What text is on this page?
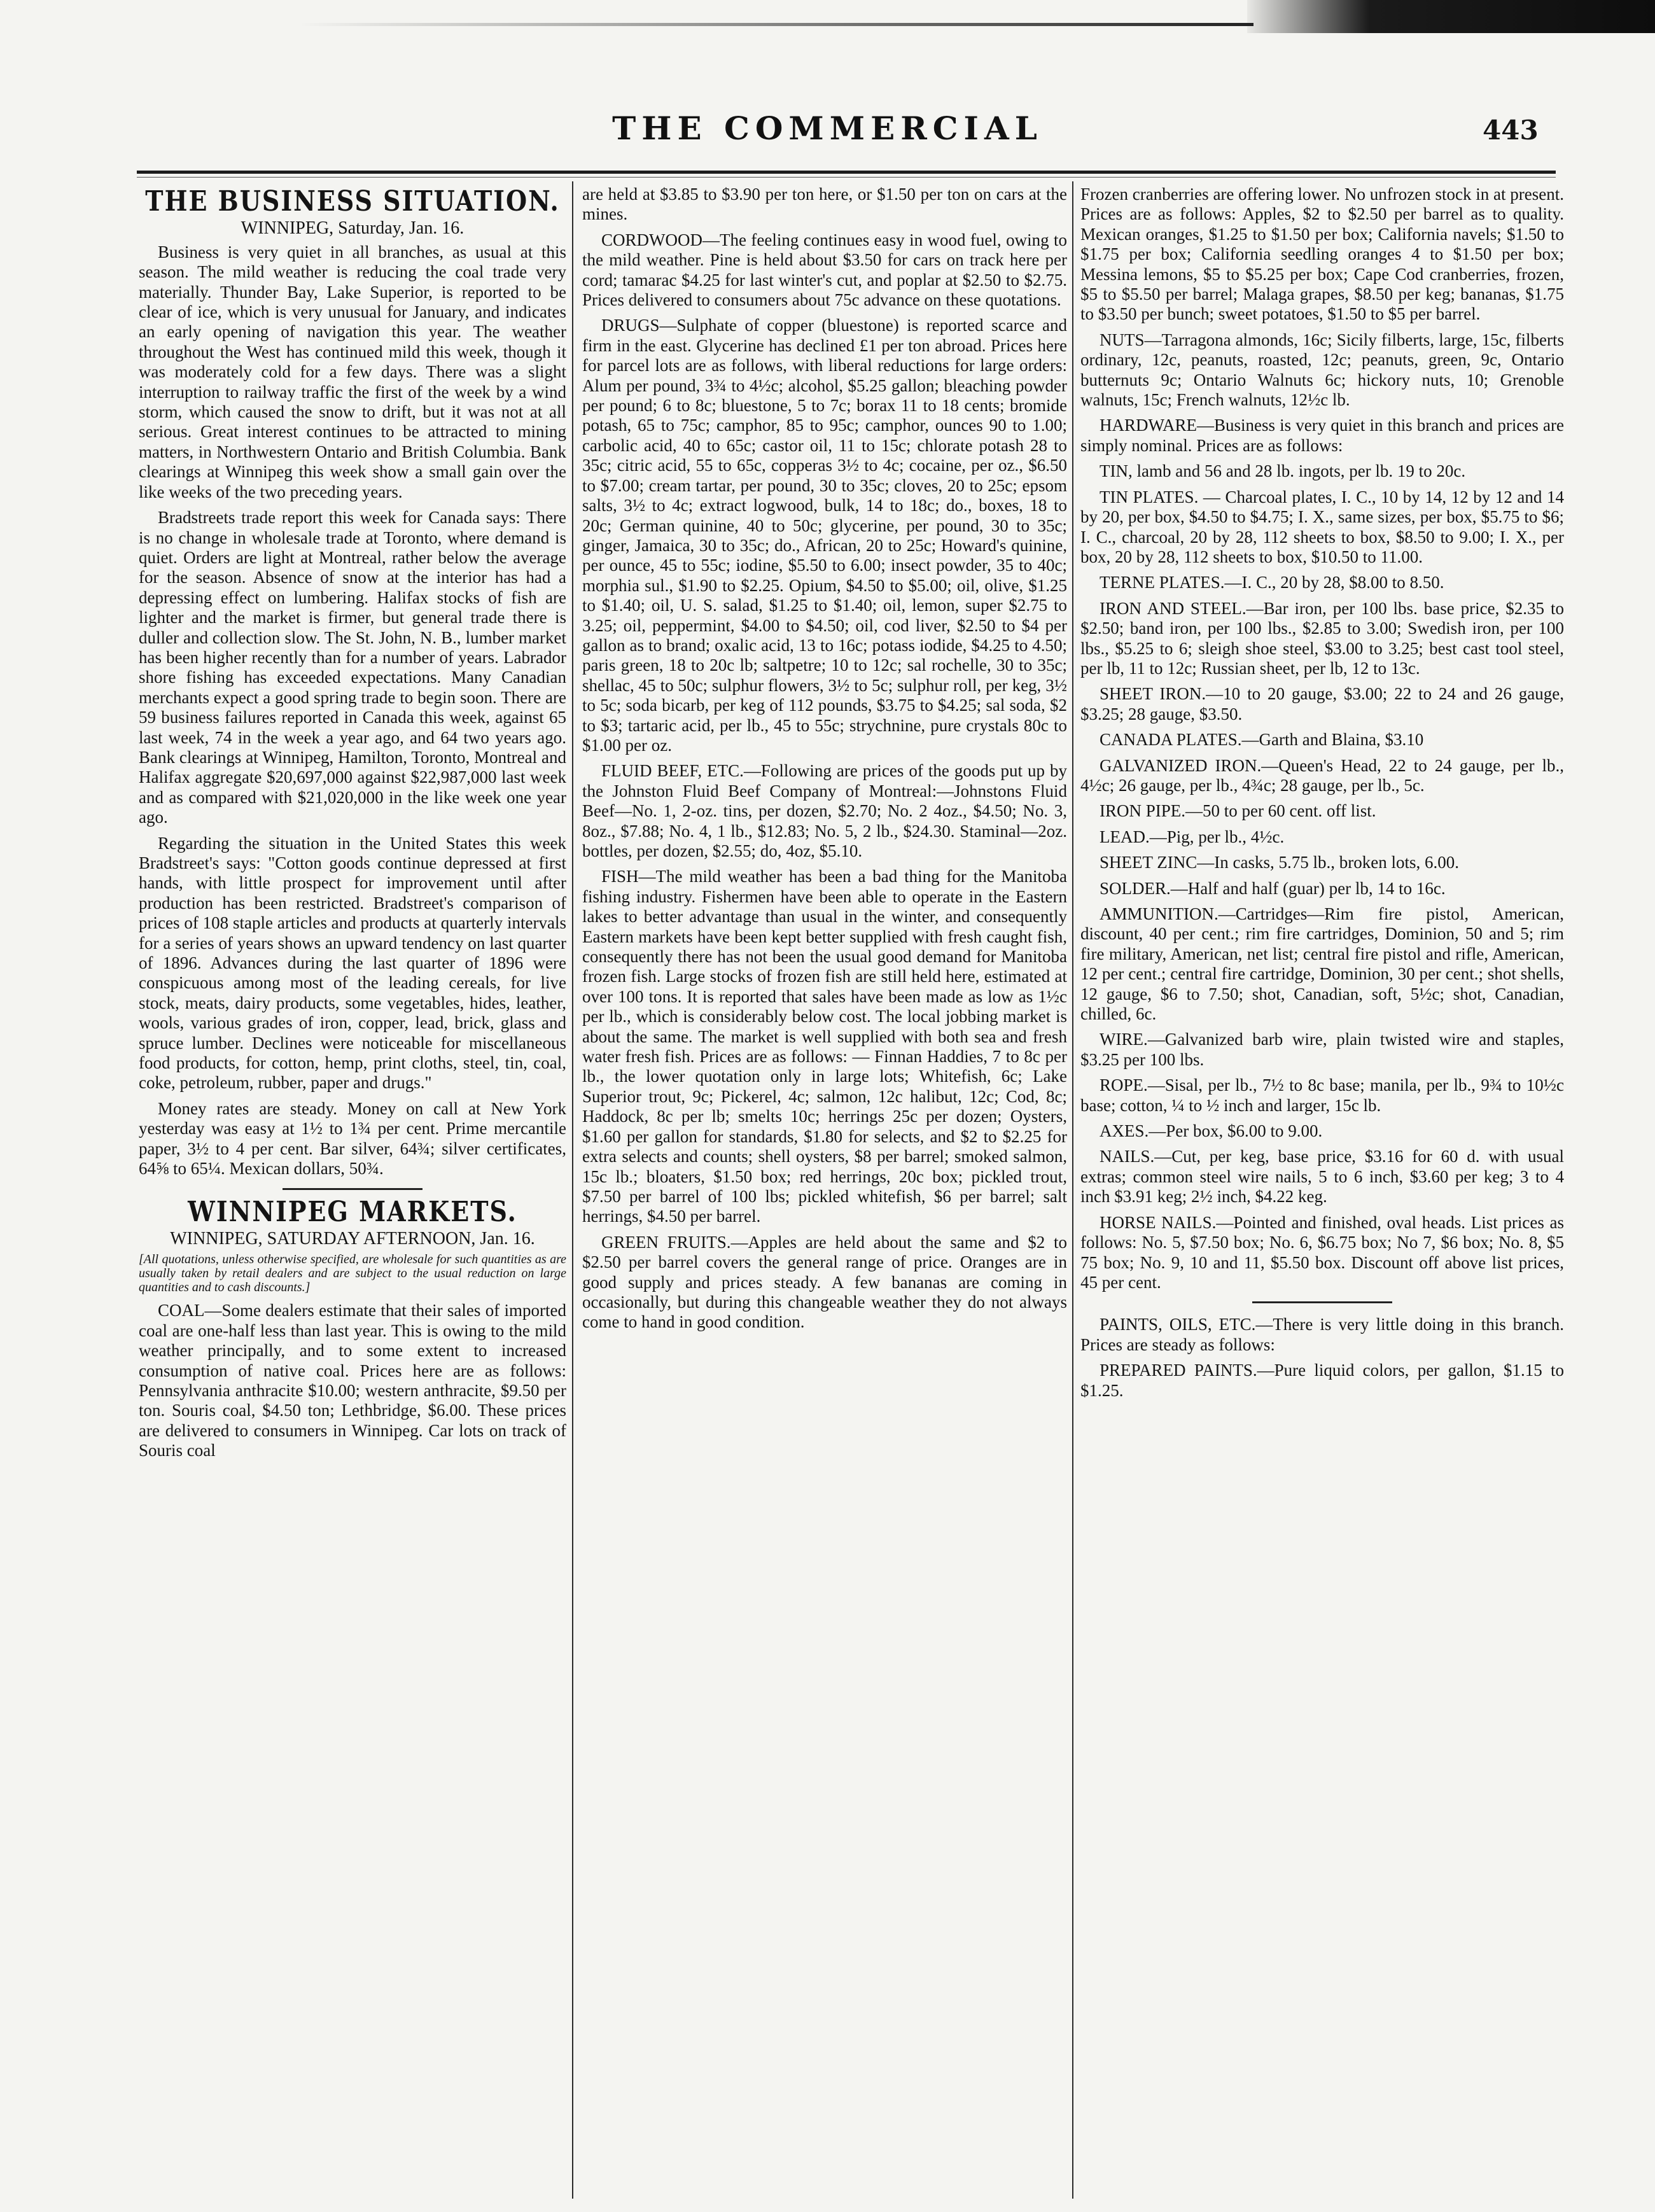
THE COMMERCIAL	443
THE BUSINESS SITUATION.
WINNIPEG, Saturday, Jan. 16.

Business is very quiet in all branches, as usual at this season. The mild weather is reducing the coal trade very materially. Thunder Bay, Lake Superior, is reported to be clear of ice, which is very unusual for January, and indicates an early opening of navigation this year. The weather throughout the West has continued mild this week, though it was moderately cold for a few days. There was a slight interruption to railway traffic the first of the week by a wind storm, which caused the snow to drift, but it was not at all serious. Great interest continues to be attracted to mining matters, in Northwestern Ontario and British Columbia. Bank clearings at Winnipeg this week show a small gain over the like weeks of the two preceding years.

Bradstreets trade report this week for Canada says: There is no change in wholesale trade at Toronto, where demand is quiet. Orders are light at Montreal, rather below the average for the season. Absence of snow at the interior has had a depressing effect on lumbering. Halifax stocks of fish are lighter and the market is firmer, but general trade there is duller and collection slow. The St. John, N. B., lumber market has been higher recently than for a number of years. Labrador shore fishing has exceeded expectations. Many Canadian merchants expect a good spring trade to begin soon. There are 59 business failures reported in Canada this week, against 65 last week, 74 in the week a year ago, and 64 two years ago. Bank clearings at Winnipeg, Hamilton, Toronto, Montreal and Halifax aggregate $20,697,000 against $22,987,000 last week and as compared with $21,020,000 in the like week one year ago.

Regarding the situation in the United States this week Bradstreet's says: "Cotton goods continue depressed at first hands, with little prospect for improvement until after production has been restricted. Bradstreet's comparison of prices of 108 staple articles and products at quarterly intervals for a series of years shows an upward tendency on last quarter of 1896. Advances during the last quarter of 1896 were conspicuous among most of the leading cereals, for live stock, meats, dairy products, some vegetables, hides, leather, wools, various grades of iron, copper, lead, brick, glass and spruce lumber. Declines were noticeable for miscellaneous food products, for cotton, hemp, print cloths, steel, tin, coal, coke, petroleum, rubber, paper and drugs."

Money rates are steady. Money on call at New York yesterday was easy at 1½ to 1¾ per cent. Prime mercantile paper, 3½ to 4 per cent. Bar silver, 64¾; silver certificates, 64⅝ to 65¼. Mexican dollars, 50¾.

WINNIPEG MARKETS.
WINNIPEG, SATURDAY AFTERNOON, Jan. 16.
[All quotations, unless otherwise specified, are wholesale for such quantities as are usually taken by retail dealers and are subject to the usual reduction on large quantities and to cash discounts.]

COAL—Some dealers estimate that their sales of imported coal are one-half less than last year. This is owing to the mild weather principally, and to some extent to increased consumption of native coal. Prices here are as follows: Pennsylvania anthracite $10.00; western anthracite, $9.50 per ton. Souris coal, $4.50 ton; Lethbridge, $6.00. These prices are delivered to consumers in Winnipeg. Car lots on track of Souris coal

are held at $3.85 to $3.90 per ton here, or $1.50 per ton on cars at the mines.

CORDWOOD—The feeling continues easy in wood fuel, owing to the mild weather. Pine is held about $3.50 for cars on track here per cord; tamarac $4.25 for last winter's cut, and poplar at $2.50 to $2.75. Prices delivered to consumers about 75c advance on these quotations.

DRUGS—Sulphate of copper (bluestone) is reported scarce and firm in the east. Glycerine has declined £1 per ton abroad. Prices here for parcel lots are as follows, with liberal reductions for large orders: Alum per pound, 3¾ to 4½c; alcohol, $5.25 gallon; bleaching powder per pound; 6 to 8c; bluestone, 5 to 7c; borax 11 to 18 cents; bromide potash, 65 to 75c; camphor, 85 to 95c; camphor, ounces 90 to 1.00; carbolic acid, 40 to 65c; castor oil, 11 to 15c; chlorate potash 28 to 35c; citric acid, 55 to 65c, copperas 3½ to 4c; cocaine, per oz., $6.50 to $7.00; cream tartar, per pound, 30 to 35c; cloves, 20 to 25c; epsom salts, 3½ to 4c; extract logwood, bulk, 14 to 18c; do., boxes, 18 to 20c; German quinine, 40 to 50c; glycerine, per pound, 30 to 35c; ginger, Jamaica, 30 to 35c; do., African, 20 to 25c; Howard's quinine, per ounce, 45 to 55c; iodine, $5.50 to 6.00; insect powder, 35 to 40c; morphia sul., $1.90 to $2.25. Opium, $4.50 to $5.00; oil, olive, $1.25 to $1.40; oil, U. S. salad, $1.25 to $1.40; oil, lemon, super $2.75 to 3.25; oil, peppermint, $4.00 to $4.50; oil, cod liver, $2.50 to $4 per gallon as to brand; oxalic acid, 13 to 16c; potass iodide, $4.25 to 4.50; paris green, 18 to 20c lb; saltpetre; 10 to 12c; sal rochelle, 30 to 35c; shellac, 45 to 50c; sulphur flowers, 3½ to 5c; sulphur roll, per keg, 3½ to 5c; soda bicarb, per keg of 112 pounds, $3.75 to $4.25; sal soda, $2 to $3; tartaric acid, per lb., 45 to 55c; strychnine, pure crystals 80c to $1.00 per oz.

FLUID BEEF, ETC.—Following are prices of the goods put up by the Johnston Fluid Beef Company of Montreal:—Johnstons Fluid Beef—No. 1, 2-oz. tins, per dozen, $2.70; No. 2 4oz., $4.50; No. 3, 8oz., $7.88; No. 4, 1 lb., $12.83; No. 5, 2 lb., $24.30. Staminal—2oz. bottles, per dozen, $2.55; do, 4oz, $5.10.

FISH—The mild weather has been a bad thing for the Manitoba fishing industry. Fishermen have been able to operate in the Eastern lakes to better advantage than usual in the winter, and consequently Eastern markets have been kept better supplied with fresh caught fish, consequently there has not been the usual good demand for Manitoba frozen fish. Large stocks of frozen fish are still held here, estimated at over 100 tons. It is reported that sales have been made as low as 1½c per lb., which is considerably below cost. The local jobbing market is about the same. The market is well supplied with both sea and fresh water fresh fish. Prices are as follows: — Finnan Haddies, 7 to 8c per lb., the lower quotation only in large lots; Whitefish, 6c; Lake Superior trout, 9c; Pickerel, 4c; salmon, 12c halibut, 12c; Cod, 8c; Haddock, 8c per lb; smelts 10c; herrings 25c per dozen; Oysters, $1.60 per gallon for standards, $1.80 for selects, and $2 to $2.25 for extra selects and counts; shell oysters, $8 per barrel; smoked salmon, 15c lb.; bloaters, $1.50 box; red herrings, 20c box; pickled trout, $7.50 per barrel of 100 lbs; pickled whitefish, $6 per barrel; salt herrings, $4.50 per barrel.

GREEN FRUITS.—Apples are held about the same and $2 to $2.50 per barrel covers the general range of price. Oranges are in good supply and prices steady. A few bananas are coming in occasionally, but during this changeable weather they do not always come to hand in good condition.

Frozen cranberries are offering lower. No unfrozen stock in at present. Prices are as follows: Apples, $2 to $2.50 per barrel as to quality. Mexican oranges, $1.25 to $1.50 per box; California navels; $1.50 to $1.75 per box; California seedling oranges 4 to $1.50 per box; Messina lemons, $5 to $5.25 per box; Cape Cod cranberries, frozen, $5 to $5.50 per barrel; Malaga grapes, $8.50 per keg; bananas, $1.75 to $3.50 per bunch; sweet potatoes, $1.50 to $5 per barrel.

NUTS—Tarragona almonds, 16c; Sicily filberts, large, 15c, filberts ordinary, 12c, peanuts, roasted, 12c; peanuts, green, 9c, Ontario butternuts 9c; Ontario Walnuts 6c; hickory nuts, 10; Grenoble walnuts, 15c; French walnuts, 12½c lb.

HARDWARE—Business is very quiet in this branch and prices are simply nominal. Prices are as follows:

TIN, lamb and 56 and 28 lb. ingots, per lb. 19 to 20c.

TIN PLATES. — Charcoal plates, I. C., 10 by 14, 12 by 12 and 14 by 20, per box, $4.50 to $4.75; I. X., same sizes, per box, $5.75 to $6; I. C., charcoal, 20 by 28, 112 sheets to box, $8.50 to 9.00; I. X., per box, 20 by 28, 112 sheets to box, $10.50 to 11.00.

TERNE PLATES.—I. C., 20 by 28, $8.00 to 8.50.

IRON AND STEEL.—Bar iron, per 100 lbs. base price, $2.35 to $2.50; band iron, per 100 lbs., $2.85 to 3.00; Swedish iron, per 100 lbs., $5.25 to 6; sleigh shoe steel, $3.00 to 3.25; best cast tool steel, per lb, 11 to 12c; Russian sheet, per lb, 12 to 13c.

SHEET IRON.—10 to 20 gauge, $3.00; 22 to 24 and 26 gauge, $3.25; 28 gauge, $3.50.

CANADA PLATES.—Garth and Blaina, $3.10

GALVANIZED IRON.—Queen's Head, 22 to 24 gauge, per lb., 4½c; 26 gauge, per lb., 4¾c; 28 gauge, per lb., 5c.

IRON PIPE.—50 to per 60 cent. off list.

LEAD.—Pig, per lb., 4½c.

SHEET ZINC—In casks, 5.75 lb., broken lots, 6.00.

SOLDER.—Half and half (guar) per lb, 14 to 16c.

AMMUNITION.—Cartridges—Rim fire pistol, American, discount, 40 per cent.; rim fire cartridges, Dominion, 50 and 5; rim fire military, American, net list; central fire pistol and rifle, American, 12 per cent.; central fire cartridge, Dominion, 30 per cent.; shot shells, 12 gauge, $6 to 7.50; shot, Canadian, soft, 5½c; shot, Canadian, chilled, 6c.

WIRE.—Galvanized barb wire, plain twisted wire and staples, $3.25 per 100 lbs.

ROPE.—Sisal, per lb., 7½ to 8c base; manila, per lb., 9¾ to 10½c base; cotton, ¼ to ½ inch and larger, 15c lb.

AXES.—Per box, $6.00 to 9.00.

NAILS.—Cut, per keg, base price, $3.16 for 60 d. with usual extras; common steel wire nails, 5 to 6 inch, $3.60 per keg; 3 to 4 inch $3.91 keg; 2½ inch, $4.22 keg.

HORSE NAILS.—Pointed and finished, oval heads. List prices as follows: No. 5, $7.50 box; No. 6, $6.75 box; No 7, $6 box; No. 8, $5 75 box; No. 9, 10 and 11, $5.50 box. Discount off above list prices, 45 per cent.

PAINTS, OILS, ETC.—There is very little doing in this branch. Prices are steady as follows:

PREPARED PAINTS.—Pure liquid colors, per gallon, $1.15 to $1.25.
